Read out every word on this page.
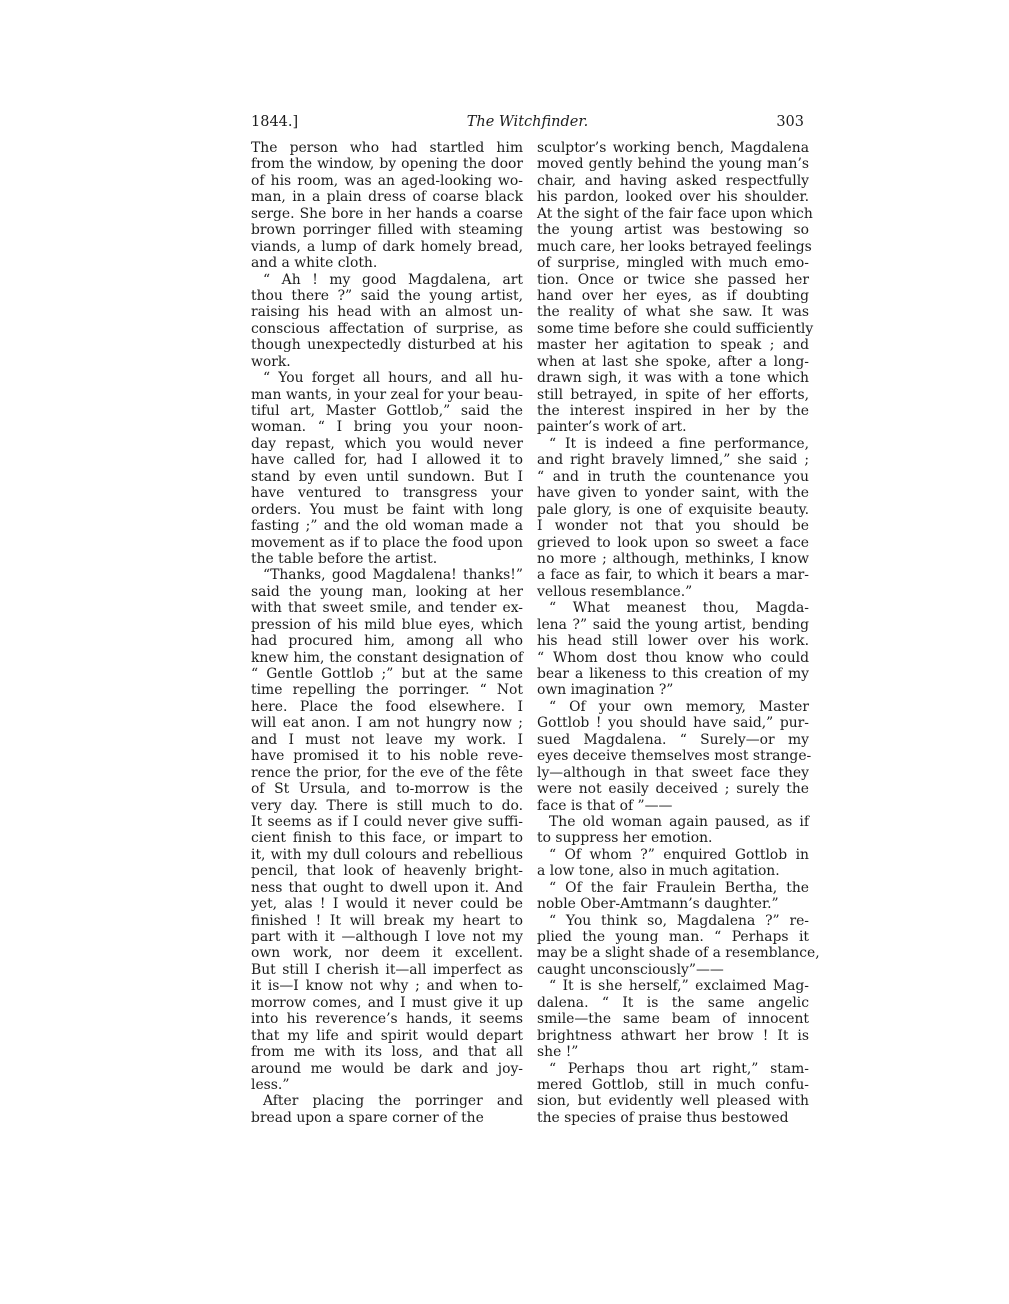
1844.]	The Witchfinder.	303
The person who had startled him
from the window, by opening the door
of his room, was an aged-looking wo-
man, in a plain dress of coarse black
serge. She bore in her hands a coarse
brown porringer filled with steaming
viands, a lump of dark homely bread,
and a white cloth.
“ Ah ! my good Magdalena, art
thou there ?” said the young artist,
raising his head with an almost un-
conscious affectation of surprise, as
though unexpectedly disturbed at his
work.
“ You forget all hours, and all hu-
man wants, in your zeal for your beau-
tiful art, Master Gottlob,” said the
woman. “ I bring you your noon-
day repast, which you would never
have called for, had I allowed it to
stand by even until sundown. But I
have ventured to transgress your
orders. You must be faint with long
fasting ;” and the old woman made a
movement as if to place the food upon
the table before the artist.
“Thanks, good Magdalena! thanks!”
said the young man, looking at her
with that sweet smile, and tender ex-
pression of his mild blue eyes, which
had procured him, among all who
knew him, the constant designation of
“ Gentle Gottlob ;” but at the same
time repelling the porringer. “ Not
here. Place the food elsewhere. I
will eat anon. I am not hungry now ;
and I must not leave my work. I
have promised it to his noble reve-
rence the prior, for the eve of the fête
of St Ursula, and to-morrow is the
very day. There is still much to do.
It seems as if I could never give suffi-
cient finish to this face, or impart to
it, with my dull colours and rebellious
pencil, that look of heavenly bright-
ness that ought to dwell upon it. And
yet, alas ! I would it never could be
finished ! It will break my heart to
part with it —although I love not my
own work, nor deem it excellent.
But still I cherish it—all imperfect as
it is—I know not why ; and when to-
morrow comes, and I must give it up
into his reverence’s hands, it seems
that my life and spirit would depart
from me with its loss, and that all
around me would be dark and joy-
less.”
After placing the porringer and
bread upon a spare corner of the
sculptor’s working bench, Magdalena
moved gently behind the young man’s
chair, and having asked respectfully
his pardon, looked over his shoulder.
At the sight of the fair face upon which
the young artist was bestowing so
much care, her looks betrayed feelings
of surprise, mingled with much emo-
tion. Once or twice she passed her
hand over her eyes, as if doubting
the reality of what she saw. It was
some time before she could sufficiently
master her agitation to speak ; and
when at last she spoke, after a long-
drawn sigh, it was with a tone which
still betrayed, in spite of her efforts,
the interest inspired in her by the
painter’s work of art.
“ It is indeed a fine performance,
and right bravely limned,” she said ;
“ and in truth the countenance you
have given to yonder saint, with the
pale glory, is one of exquisite beauty.
I wonder not that you should be
grieved to look upon so sweet a face
no more ; although, methinks, I know
a face as fair, to which it bears a mar-
vellous resemblance.”
“ What meanest thou, Magda-
lena ?” said the young artist, bending
his head still lower over his work.
“ Whom dost thou know who could
bear a likeness to this creation of my
own imagination ?”
“ Of your own memory, Master
Gottlob ! you should have said,” pur-
sued Magdalena. “ Surely—or my
eyes deceive themselves most strange-
ly—although in that sweet face they
were not easily deceived ; surely the
face is that of ”——
The old woman again paused, as if
to suppress her emotion.
“ Of whom ?” enquired Gottlob in
a low tone, also in much agitation.
“ Of the fair Fraulein Bertha, the
noble Ober-Amtmann’s daughter.”
“ You think so, Magdalena ?” re-
plied the young man. “ Perhaps it
may be a slight shade of a resemblance,
caught unconsciously”——
“ It is she herself,” exclaimed Mag-
dalena. “ It is the same angelic
smile—the same beam of innocent
brightness athwart her brow ! It is
she !”
“ Perhaps thou art right,” stam-
mered Gottlob, still in much confu-
sion, but evidently well pleased with
the species of praise thus bestowed
